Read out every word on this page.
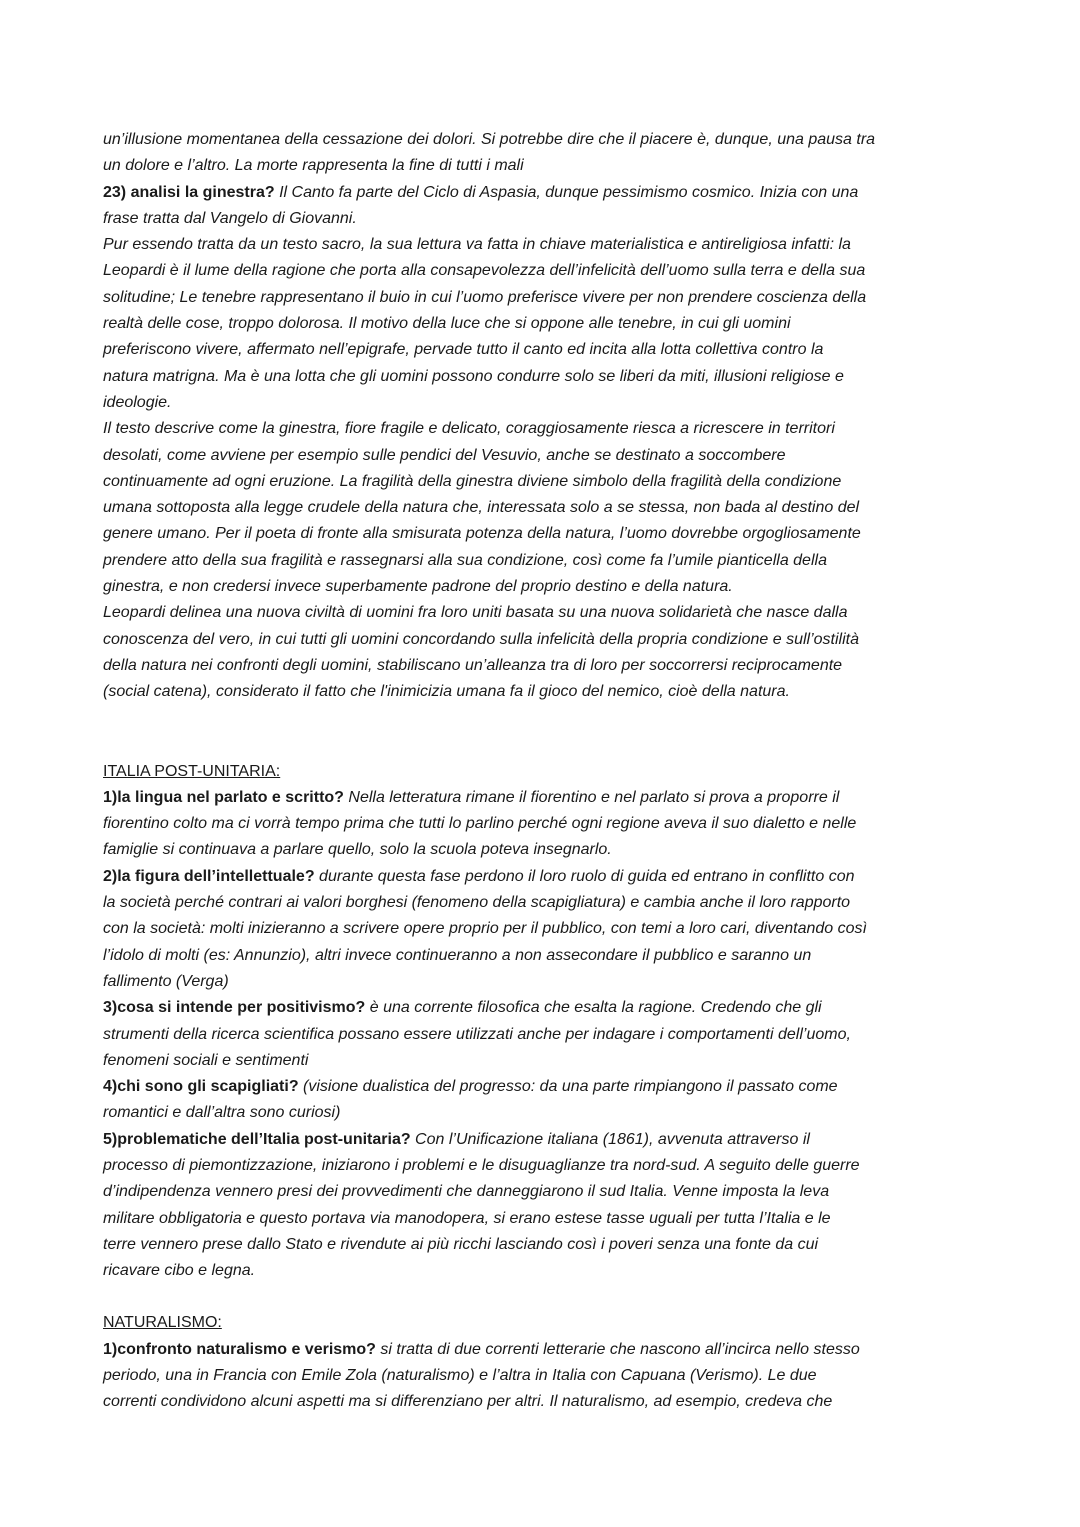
un’illusione momentanea della cessazione dei dolori. Si potrebbe dire che il piacere è, dunque, una pausa tra
un dolore e l’altro. La morte rappresenta la fine di tutti i mali
23) analisi la ginestra? Il Canto fa parte del Ciclo di Aspasia, dunque pessimismo cosmico. Inizia con una
frase tratta dal Vangelo di Giovanni.
Pur essendo tratta da un testo sacro, la sua lettura va fatta in chiave materialistica e antireligiosa infatti: la
Leopardi è il lume della ragione che porta alla consapevolezza dell’infelicità dell’uomo sulla terra e della sua
solitudine; Le tenebre rappresentano il buio in cui l’uomo preferisce vivere per non prendere coscienza della
realtà delle cose, troppo dolorosa. Il motivo della luce che si oppone alle tenebre, in cui gli uomini
preferiscono vivere, affermato nell’epigrafe, pervade tutto il canto ed incita alla lotta collettiva contro la
natura matrigna. Ma è una lotta che gli uomini possono condurre solo se liberi da miti, illusioni religiose e
ideologie.
Il testo descrive come la ginestra, fiore fragile e delicato, coraggiosamente riesca a ricrescere in territori
desolati, come avviene per esempio sulle pendici del Vesuvio, anche se destinato a soccombere
continuamente ad ogni eruzione. La fragilità della ginestra diviene simbolo della fragilità della condizione
umana sottoposta alla legge crudele della natura che, interessata solo a se stessa, non bada al destino del
genere umano. Per il poeta di fronte alla smisurata potenza della natura, l’uomo dovrebbe orgogliosamente
prendere atto della sua fragilità e rassegnarsi alla sua condizione, così come fa l’umile pianticella della
ginestra, e non credersi invece superbamente padrone del proprio destino e della natura.
Leopardi delinea una nuova civiltà di uomini fra loro uniti basata su una nuova solidarietà che nasce dalla
conoscenza del vero, in cui tutti gli uomini concordando sulla infelicità della propria condizione e sull’ostilità
della natura nei confronti degli uomini, stabiliscano un’alleanza tra di loro per soccorrersi reciprocamente
(social catena), considerato il fatto che l'inimicizia umana fa il gioco del nemico, cioè della natura.
ITALIA POST-UNITARIA:
1)la lingua nel parlato e scritto? Nella letteratura rimane il fiorentino e nel parlato si prova a proporre il
fiorentino colto ma ci vorrà tempo prima che tutti lo parlino perché ogni regione aveva il suo dialetto e nelle
famiglie si continuava a parlare quello, solo la scuola poteva insegnarlo.
2)la figura dell’intellettuale? durante questa fase perdono il loro ruolo di guida ed entrano in conflitto con
la società perché contrari ai valori borghesi (fenomeno della scapigliatura) e cambia anche il loro rapporto
con la società: molti inizieranno a scrivere opere proprio per il pubblico, con temi a loro cari, diventando così
l’idolo di molti (es: Annunzio), altri invece continueranno a non assecondare il pubblico e saranno un
fallimento (Verga)
3)cosa si intende per positivismo? è una corrente filosofica che esalta la ragione. Credendo che gli
strumenti della ricerca scientifica possano essere utilizzati anche per indagare i comportamenti dell’uomo,
fenomeni sociali e sentimenti
4)chi sono gli scapigliati? (visione dualistica del progresso: da una parte rimpiangono il passato come
romantici e dall’altra sono curiosi)
5)problematiche dell’Italia post-unitaria? Con l’Unificazione italiana (1861), avvenuta attraverso il
processo di piemontizzazione, iniziarono i problemi e le disuguaglianze tra nord-sud. A seguito delle guerre
d’indipendenza vennero presi dei provvedimenti che danneggiarono il sud Italia. Venne imposta la leva
militare obbligatoria e questo portava via manodopera, si erano estese tasse uguali per tutta l’Italia e le
terre vennero prese dallo Stato e rivendute ai più ricchi lasciando così i poveri senza una fonte da cui
ricavare cibo e legna.
NATURALISMO:
1)confronto naturalismo e verismo? si tratta di due correnti letterarie che nascono all’incirca nello stesso
periodo, una in Francia con Emile Zola (naturalismo) e l’altra in Italia con Capuana (Verismo). Le due
correnti condividono alcuni aspetti ma si differenziano per altri. Il naturalismo, ad esempio, credeva che
